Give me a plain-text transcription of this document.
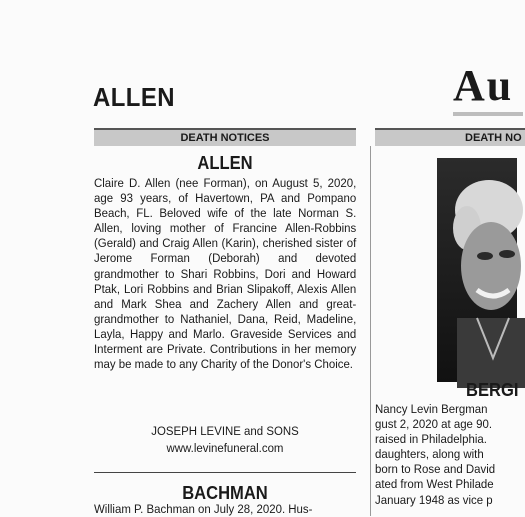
ALLEN	Au
DEATH NOTICES	DEATH NO
ALLEN
Claire D. Allen (nee Forman), on August 5, 2020, age 93 years, of Havertown, PA and Pompano Beach, FL. Beloved wife of the late Norman S. Allen, loving mother of Francine Allen-Robbins (Gerald) and Craig Allen (Karin), cherished sister of Jerome Forman (Deborah) and devoted grandmother to Shari Robbins, Dori and Howard Ptak, Lori Robbins and Brian Slipakoff, Alexis Allen and Mark Shea and Zachery Allen and great-grandmother to Nathaniel, Dana, Reid, Madeline, Layla, Happy and Marlo. Graveside Services and Interment are Private. Contributions in her memory may be made to any Charity of the Donor's Choice.
JOSEPH LEVINE and SONS
www.levinefuneral.com
BACHMAN
William P. Bachman on July 28, 2020. Hus-
BERGI
Nancy Levin Bergman
gust 2, 2020 at age 90.
raised in Philadelphia.
daughters, along with
born to Rose and David
ated from West Philade
January 1948 as vice p
